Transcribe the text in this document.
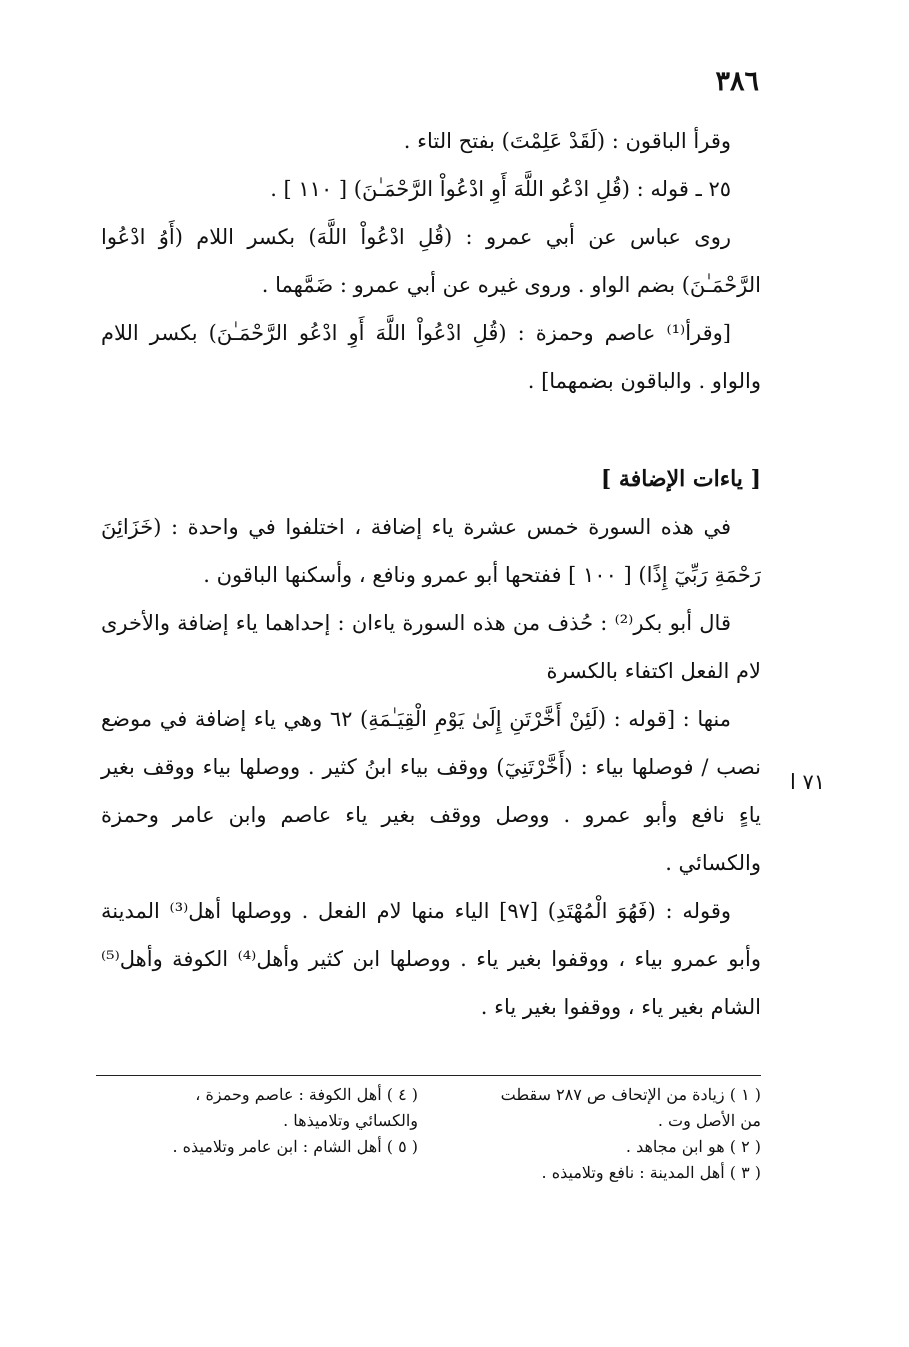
٣٨٦
٧١ ا

وقرأ الباقون : (لَقَدْ عَلِمْتَ) بفتح التاء .

٢٥ ـ قوله : (قُلِ ادْعُو اللَّهَ أَوِ ادْعُواْ الرَّحْمَـٰنَ) [ ١١٠ ] .

روى عباس عن أبي عمرو : (قُلِ ادْعُواْ اللَّهَ) بكسر اللام (أَوُ ادْعُوا الرَّحْمَـٰنَ) بضم الواو . وروى غيره عن أبي عمرو : ضَمَّهما .

[وقرأ⁽¹⁾ عاصم وحمزة : (قُلِ ادْعُواْ اللَّهَ أَوِ ادْعُو الرَّحْمَـٰنَ) بكسر اللام والواو . والباقون بضمهما] .

[ ياءات الإضافة ]

في هذه السورة خمس عشرة ياء إضافة ، اختلفوا في واحدة : (خَزَائِنَ رَحْمَةِ رَبِّيٓ إِذًا) [ ١٠٠ ] ففتحها أبو عمرو ونافع ، وأسكنها الباقون .

قال أبو بكر⁽²⁾ : حُذف من هذه السورة ياءان : إحداهما ياء إضافة والأخرى لام الفعل اكتفاء بالكسرة

منها : [قوله : (لَئِنْ أَخَّرْتَنِ إِلَىٰ يَوْمِ الْقِيَـٰمَةِ) ٦٢ وهي ياء إضافة في موضع نصب / فوصلها بياء : (أَخَّرْتَنِيٓ) ووقف بياء ابنُ كثير . ووصلها بياء ووقف بغير ياءٍ نافع وأبو عمرو . ووصل ووقف بغير ياء عاصم وابن عامر وحمزة والكسائي .

وقوله : (فَهُوَ الْمُهْتَدِ) [٩٧] الياء منها لام الفعل . ووصلها أهل⁽³⁾ المدينة وأبو عمرو بياء ، ووقفوا بغير ياء . ووصلها ابن كثير وأهل⁽⁴⁾ الكوفة وأهل⁽⁵⁾ الشام بغير ياء ، ووقفوا بغير ياء .

( ١ ) زيادة من الإتحاف ص ٢٨٧ سقطت
من الأصل وت .
( ٢ ) هو ابن مجاهد .
( ٣ ) أهل المدينة : نافع وتلاميذه .
( ٤ ) أهل الكوفة : عاصم وحمزة ،
والكسائي وتلاميذها .
( ٥ ) أهل الشام : ابن عامر وتلاميذه .
